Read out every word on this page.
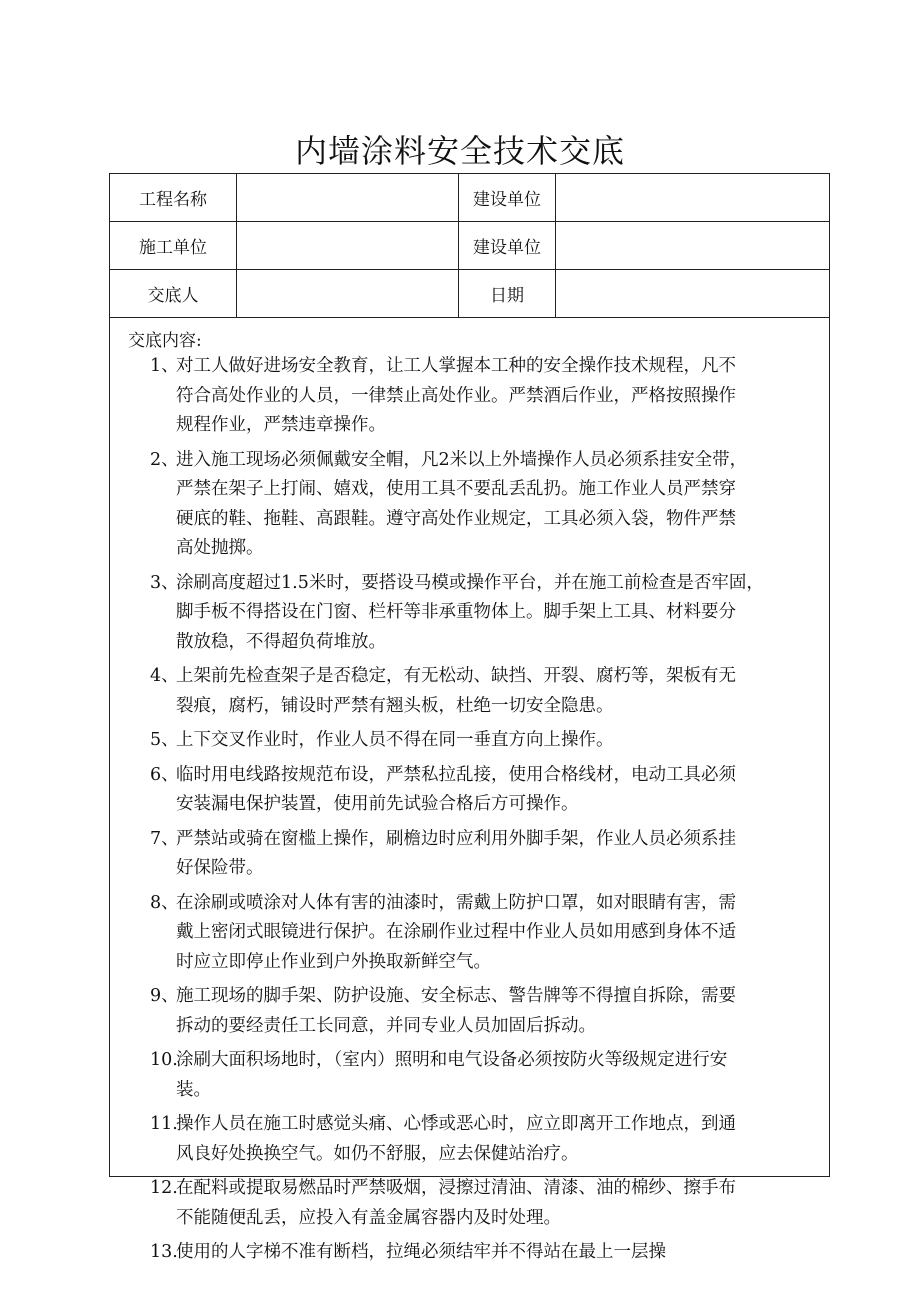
内墙涂料安全技术交底
工程名称	建设单位
施工单位	建设单位
交底人	日期
交底内容:
1、
对工人做好进场安全教育，让工人掌握本工种的安全操作技术规程，凡不
符合高处作业的人员，一律禁止高处作业。严禁酒后作业，严格按照操作
规程作业，严禁违章操作。
2、
进入施工现场必须佩戴安全帽，凡2米以上外墙操作人员必须系挂安全带，
严禁在架子上打闹、嬉戏，使用工具不要乱丢乱扔。施工作业人员严禁穿
硬底的鞋、拖鞋、高跟鞋。遵守高处作业规定，工具必须入袋，物件严禁
高处抛掷。
3、
涂刷高度超过1.5米时，要搭设马模或操作平台，并在施工前检查是否牢固，
脚手板不得搭设在门窗、栏杆等非承重物体上。脚手架上工具、材料要分
散放稳，不得超负荷堆放。
4、
上架前先检查架子是否稳定，有无松动、缺挡、开裂、腐朽等，架板有无
裂痕，腐朽，铺设时严禁有翘头板，杜绝一切安全隐患。
5、
上下交叉作业时，作业人员不得在同一垂直方向上操作。
6、
临时用电线路按规范布设，严禁私拉乱接，使用合格线材，电动工具必须
安装漏电保护装置，使用前先试验合格后方可操作。
7、
严禁站或骑在窗槛上操作，刷檐边时应利用外脚手架，作业人员必须系挂
好保险带。
8、
在涂刷或喷涂对人体有害的油漆时，需戴上防护口罩，如对眼睛有害，需
戴上密闭式眼镜进行保护。在涂刷作业过程中作业人员如用感到身体不适
时应立即停止作业到户外换取新鲜空气。
9、
施工现场的脚手架、防护设施、安全标志、警告牌等不得擅自拆除，需要
拆动的要经责任工长同意，并同专业人员加固后拆动。
10.
涂刷大面积场地时，（室内）照明和电气设备必须按防火等级规定进行安
装。
11.
操作人员在施工时感觉头痛、心悸或恶心时，应立即离开工作地点，到通
风良好处换换空气。如仍不舒服，应去保健站治疗。
12.
在配料或提取易燃品时严禁吸烟，浸擦过清油、清漆、油的棉纱、擦手布
不能随便乱丢，应投入有盖金属容器内及时处理。
13.
使用的人字梯不准有断档，拉绳必须结牢并不得站在最上一层操
